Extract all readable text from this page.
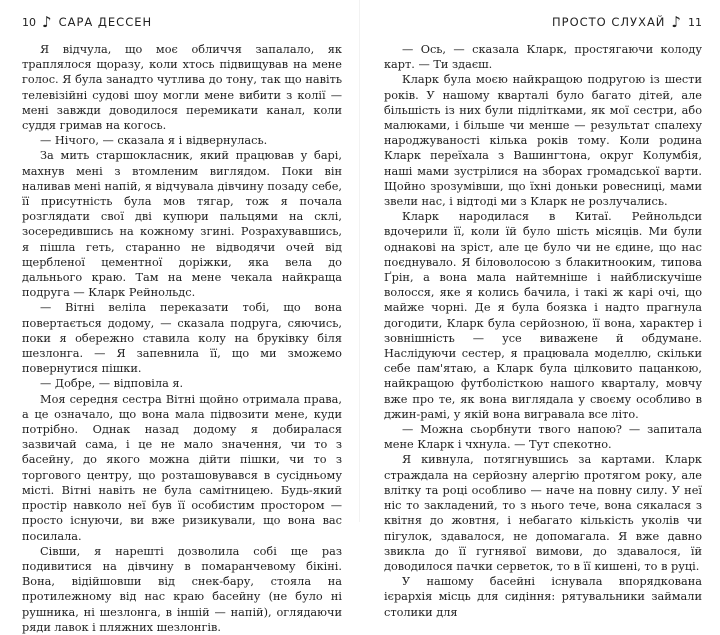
10 ♪ САРА ДЕССЕН

Я відчула, що моє обличчя запалало, як траплялося щоразу, коли хтось підвищував на мене голос. Я була занадто чутлива до тону, так що навіть телевізійні судові шоу могли мене вибити з колії — мені завжди доводилося перемикати канал, коли суддя гримав на когось.

— Нічого, — сказала я і відвернулась.

За мить старшокласник, який працював у барі, махнув мені з втомленим виглядом. Поки він наливав мені напій, я відчувала дівчину позаду себе, її присутність була мов тягар, тож я почала розглядати свої дві купюри пальцями на склі, зосередившись на кожному згині. Розрахувавшись, я пішла геть, старанно не відводячи очей від щербленої цементної доріжки, яка вела до дальнього краю. Там на мене чекала найкраща подруга — Кларк Рейнольдс.

— Вітні веліла переказати тобі, що вона повертається додому, — сказала подруга, сяючись, поки я обережно ставила колу на бруківку біля шезлонга. — Я запевнила її, що ми зможемо повернутися пішки.

— Добре, — відповіла я.

Моя середня сестра Вітні щойно отримала права, а це означало, що вона мала підвозити мене, куди потрібно. Однак назад додому я добиралася зазвичай сама, і це не мало значення, чи то з басейну, до якого можна дійти пішки, чи то з торгового центру, що розташовувався в сусідньому місті. Вітні навіть не була самітницею. Будь-який простір навколо неї був її особистим простором — просто існуючи, ви вже ризикували, що вона вас посилала.

Сівши, я нарешті дозволила собі ще раз подивитися на дівчину в помаранчевому бікіні. Вона, відійшовши від снек-бару, стояла на протилежному від нас краю басейну (не було ні рушника, ні шезлонга, в іншій — напій), оглядаючи ряди лавок і пляжних шезлонгів.

ПРОСТО СЛУХАЙ ♪ 11

— Ось, — сказала Кларк, простягаючи колоду карт. — Ти здаєш.

Кларк була моєю найкращою подругою із шести років. У нашому кварталі було багато дітей, але більшість із них були підлітками, як мої сестри, або малюками, і більше чи менше — результат спалеху народжуваності кілька років тому. Коли родина Кларк переїхала з Вашингтона, округ Колумбія, наші мами зустрілися на зборах громадської варти. Щойно зрозумівши, що їхні доньки ровесниці, мами звели нас, і відтоді ми з Кларк не розлучались.

Кларк народилася в Китаї. Рейнольдси вдочерили її, коли їй було шість місяців. Ми були однакові на зріст, але це було чи не єдине, що нас поєднувало. Я біловолосою з блакитнооким, типова Ґрін, а вона мала найтемніше і найблискучіше волосся, яке я колись бачила, і такі ж карі очі, що майже чорні. Де я була боязка і надто прагнула догодити, Кларк була серйозною, її вона, характер і зовнішність — усе виважене й обдумане. Наслідуючи сестер, я працювала моделлю, скільки себе пам'ятаю, а Кларк була цілковито пацанкою, найкращою футболісткою нашого кварталу, мовчу вже про те, як вона виглядала у своєму особливо в джин-рамі, у якій вона вигравала все літо.

— Можна сьорбнути твого напою? — запитала мене Кларк і чхнула. — Тут спекотно.

Я кивнула, потягнувшись за картами. Кларк страждала на серйозну алергію протягом року, але влітку та році особливо — наче на повну силу. У неї ніс то закладений, то з нього тече, вона сякалася з квітня до жовтня, і небагато кількість уколів чи пігулок, здавалося, не допомагала. Я вже давно звикла до її гугнявої вимови, до здавалося, їй доводилося пачки серветок, то в її кишені, то в руці.

У нашому басейні існувала впорядкована ієрархія місць для сидіння: рятувальники займали столики для
